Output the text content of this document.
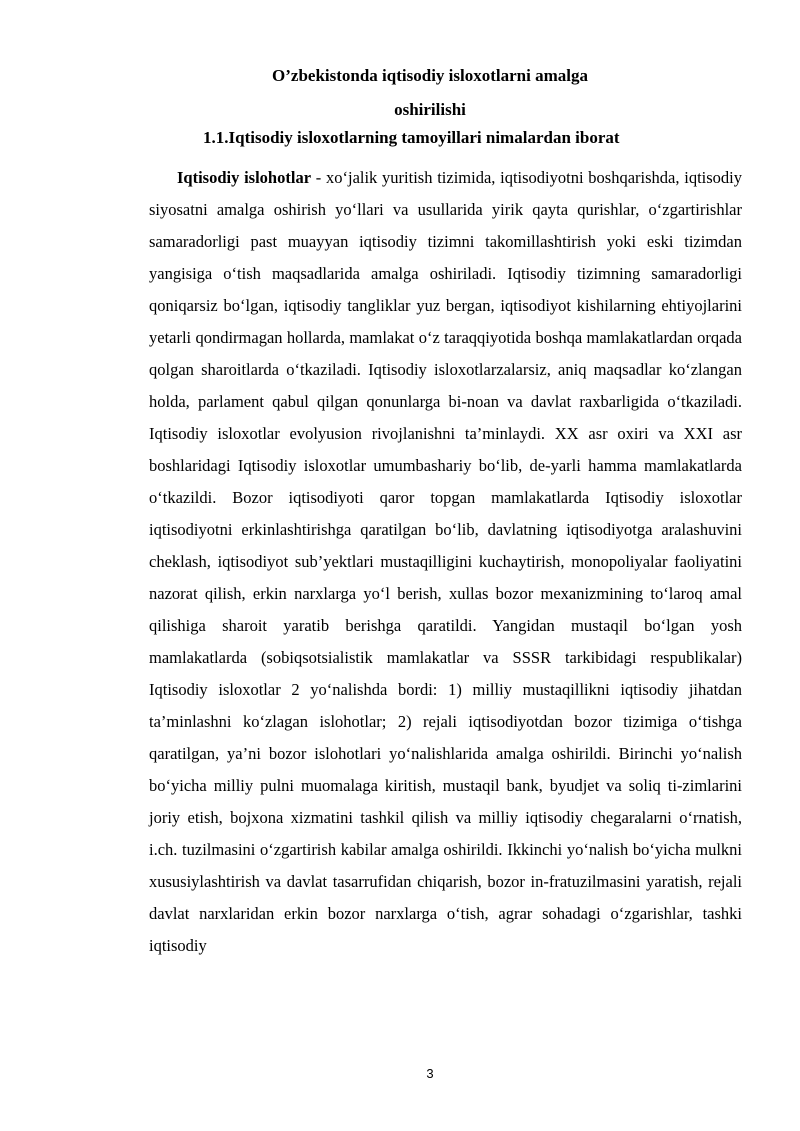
O’zbekistonda iqtisodiy isloxotlarni amalga
oshirilishi
1.1.Iqtisodiy isloxotlarning tamoyillari nimalardan iborat
Iqtisodiy islohotlar - xo‘jalik yuritish tizimida, iqtisodiyotni boshqarishda, iqtisodiy siyosatni amalga oshirish yo‘llari va usullarida yirik qayta qurishlar, o‘zgartirishlar samaradorligi past muayyan iqtisodiy tizimni takomillashtirish yoki eski tizimdan yangisiga o‘tish maqsadlarida amalga oshiriladi. Iqtisodiy tizimning samaradorligi qoniqarsiz bo‘lgan, iqtisodiy tangliklar yuz bergan, iqtisodiyot kishilarning ehtiyojlarini yetarli qondirmagan hollarda, mamlakat o‘z taraqqiyotida boshqa mamlakatlardan orqada qolgan sharoitlarda o‘tkaziladi. Iqtisodiy isloxotlarzalarsiz, aniq maqsadlar ko‘zlangan holda, parlament qabul qilgan qonunlarga bi-noan va davlat raxbarligida o‘tkaziladi. Iqtisodiy isloxotlar evolyusion rivojlanishni ta’minlaydi. XX asr oxiri va XXI asr boshlaridagi Iqtisodiy isloxotlar umumbashariy bo‘lib, de-yarli hamma mamlakatlarda o‘tkazildi. Bozor iqtisodiyoti qaror topgan mamlakatlarda Iqtisodiy isloxotlar iqtisodiyotni erkinlashtirishga qaratilgan bo‘lib, davlatning iqtisodiyotga aralashuvini cheklash, iqtisodiyot sub’yektlari mustaqilligini kuchaytirish, monopoliyalar faoliyatini nazorat qilish, erkin narxlarga yo‘l berish, xullas bozor mexanizmining to‘laroq amal qilishiga sharoit yaratib berishga qaratildi. Yangidan mustaqil bo‘lgan yosh mamlakatlarda (sobiqsotsialistik mamlakatlar va SSSR tarkibidagi respublikalar) Iqtisodiy isloxotlar 2 yo‘nalishda bordi: 1) milliy mustaqillikni iqtisodiy jihatdan ta’minlashni ko‘zlagan islohotlar; 2) rejali iqtisodiyotdan bozor tizimiga o‘tishga qaratilgan, ya’ni bozor islohotlari yo‘nalishlarida amalga oshirildi. Birinchi yo‘nalish bo‘yicha milliy pulni muomalaga kiritish, mustaqil bank, byudjet va soliq ti-zimlarini joriy etish, bojxona xizmatini tashkil qilish va milliy iqtisodiy chegaralarni o‘rnatish, i.ch. tuzilmasini o‘zgartirish kabilar amalga oshirildi. Ikkinchi yo‘nalish bo‘yicha mulkni xususiylashtirish va davlat tasarrufidan chiqarish, bozor in-fratuzilmasini yaratish, rejali davlat narxlaridan erkin bozor narxlarga o‘tish, agrar sohadagi o‘zgarishlar, tashki iqtisodiy
3
